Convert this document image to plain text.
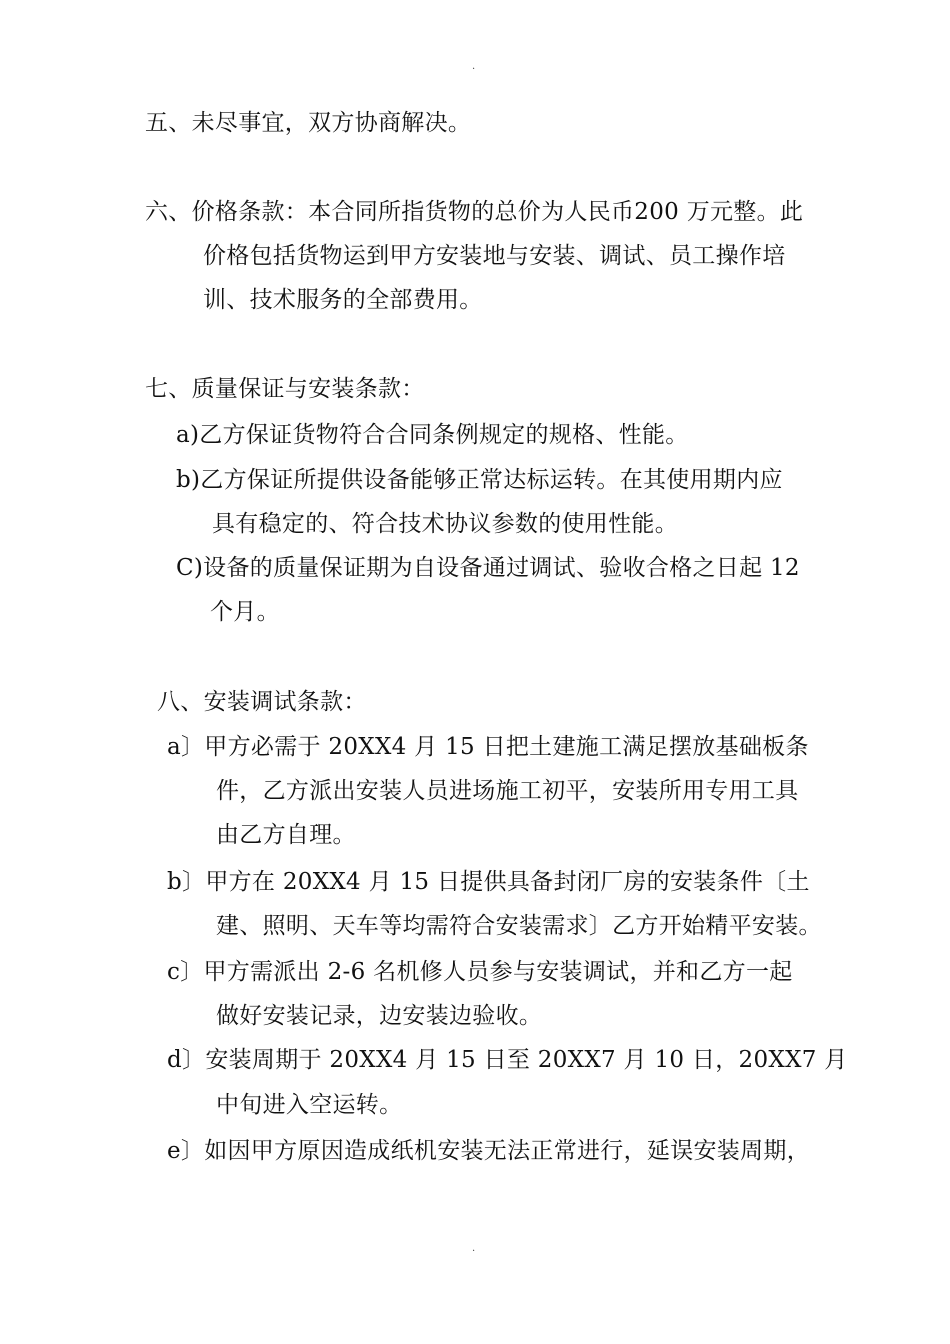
.
五、未尽事宜，双方协商解决。
六、价格条款：本合同所指货物的总价为人民币200 万元整。此
价格包括货物运到甲方安装地与安装、调试、员工操作培
训、技术服务的全部费用。
七、质量保证与安装条款：
a)乙方保证货物符合合同条例规定的规格、性能。
b)乙方保证所提供设备能够正常达标运转。在其使用期内应
具有稳定的、符合技术协议参数的使用性能。
C)设备的质量保证期为自设备通过调试、验收合格之日起 12
个月。
八、安装调试条款：
a〕甲方必需于 20XX4 月 15 日把土建施工满足摆放基础板条
件，乙方派出安装人员进场施工初平，安装所用专用工具
由乙方自理。
b〕甲方在 20XX4 月 15 日提供具备封闭厂房的安装条件〔土
建、照明、天车等均需符合安装需求〕乙方开始精平安装。
c〕甲方需派出 2-6 名机修人员参与安装调试，并和乙方一起
做好安装记录，边安装边验收。
d〕安装周期于 20XX4 月 15 日至 20XX7 月 10 日，20XX7 月
中旬进入空运转。
e〕如因甲方原因造成纸机安装无法正常进行，延误安装周期，
.
